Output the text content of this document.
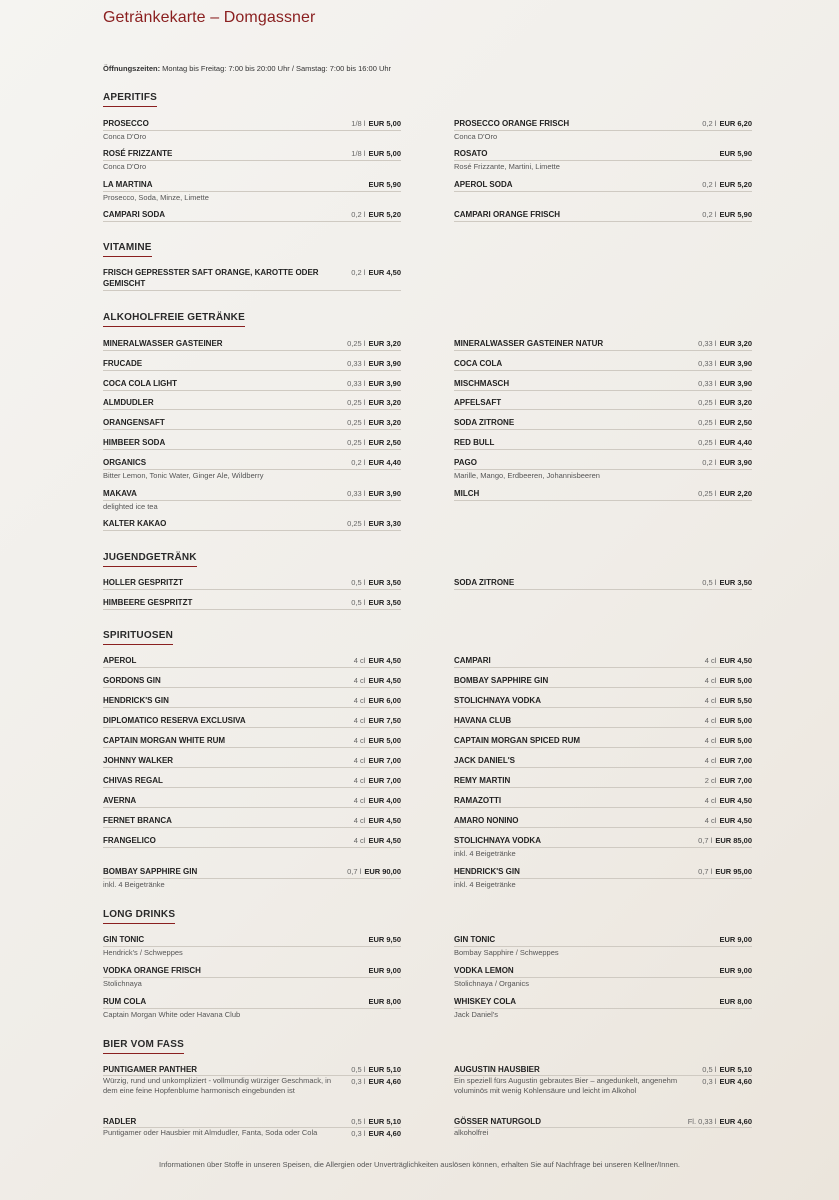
Getränkekarte – Domgassner
Öffnungszeiten: Montag bis Freitag: 7:00 bis 20:00 Uhr / Samstag: 7:00 bis 16:00 Uhr
APERITIFS
VITAMINE
ALKOHOLFREIE GETRÄNKE
JUGENDGETRÄNK
SPIRITUOSEN
LONG DRINKS
BIER VOM FASS
PROSECCO	1/8 l EUR 5,00
Conca D'Oro
PROSECCO ORANGE FRISCH	0,2 l EUR 6,20
Conca D'Oro
ROSÉ FRIZZANTE	1/8 l EUR 5,00
Conca D'Oro
ROSATO	EUR 5,90
Rosé Frizzante, Martini, Limette
LA MARTINA	EUR 5,90
Prosecco, Soda, Minze, Limette
APEROL SODA	0,2 l EUR 5,20
CAMPARI SODA	0,2 l EUR 5,20	CAMPARI ORANGE FRISCH	0,2 l EUR 5,90
FRISCH GEPRESSTER SAFT ORANGE, KAROTTE ODER GEMISCHT
0,2 l EUR 4,50
MINERALWASSER GASTEINER	0,25 l EUR 3,20	MINERALWASSER GASTEINER NATUR	0,33 l EUR 3,20
FRUCADE	0,33 l EUR 3,90	COCA COLA	0,33 l EUR 3,90
COCA COLA LIGHT	0,33 l EUR 3,90	MISCHMASCH	0,33 l EUR 3,90
ALMDUDLER	0,25 l EUR 3,20	APFELSAFT	0,25 l EUR 3,20
ORANGENSAFT	0,25 l EUR 3,20	SODA ZITRONE	0,25 l EUR 2,50
HIMBEER SODA	0,25 l EUR 2,50	RED BULL	0,25 l EUR 4,40
ORGANICS	0,2 l EUR 4,40
Bitter Lemon, Tonic Water, Ginger Ale, Wildberry
PAGO	0,2 l EUR 3,90
Marille, Mango, Erdbeeren, Johannisbeeren
MAKAVA	0,33 l EUR 3,90
delighted ice tea
MILCH	0,25 l EUR 2,20
KALTER KAKAO	0,25 l EUR 3,30
HOLLER GESPRITZT	0,5 l EUR 3,50	SODA ZITRONE	0,5 l EUR 3,50
HIMBEERE GESPRITZT	0,5 l EUR 3,50
APEROL	4 cl EUR 4,50	CAMPARI	4 cl EUR 4,50
GORDONS GIN	4 cl EUR 4,50	BOMBAY SAPPHIRE GIN	4 cl EUR 5,00
HENDRICK'S GIN	4 cl EUR 6,00	STOLICHNAYA VODKA	4 cl EUR 5,50
DIPLOMATICO RESERVA EXCLUSIVA	4 cl EUR 7,50	HAVANA CLUB	4 cl EUR 5,00
CAPTAIN MORGAN WHITE RUM	4 cl EUR 5,00	CAPTAIN MORGAN SPICED RUM	4 cl EUR 5,00
JOHNNY WALKER	4 cl EUR 7,00	JACK DANIEL'S	4 cl EUR 7,00
CHIVAS REGAL	4 cl EUR 7,00	REMY MARTIN	2 cl EUR 7,00
AVERNA	4 cl EUR 4,00	RAMAZOTTI	4 cl EUR 4,50
FERNET BRANCA	4 cl EUR 4,50	AMARO NONINO	4 cl EUR 4,50
FRANGELICO	4 cl EUR 4,50	STOLICHNAYA VODKA	0,7 l EUR 85,00
inkl. 4 Beigetränke
BOMBAY SAPPHIRE GIN	0,7 l EUR 90,00
inkl. 4 Beigetränke
HENDRICK'S GIN	0,7 l EUR 95,00
inkl. 4 Beigetränke
GIN TONIC	EUR 9,50
Hendrick's / Schweppes
GIN TONIC	EUR 9,00
Bombay Sapphire / Schweppes
VODKA ORANGE FRISCH	EUR 9,00
Stolichnaya
VODKA LEMON	EUR 9,00
Stolichnaya / Organics
RUM COLA	EUR 8,00
Captain Morgan White oder Havana Club
WHISKEY COLA	EUR 8,00
Jack Daniel's
PUNTIGAMER PANTHER	0,5 l EUR 5,10
Würzig, rund und unkompliziert - vollmundig würziger Geschmack, in dem eine feine Hopfenblume harmonisch eingebunden ist
0,3 l EUR 4,60
AUGUSTIN HAUSBIER	0,5 l EUR 5,10
Ein speziell fürs Augustin gebrautes Bier – angedunkelt, angenehm voluminös mit wenig Kohlensäure und leicht im Alkohol
0,3 l EUR 4,60
RADLER	0,5 l EUR 5,10
Puntigamer oder Hausbier mit Almdudler, Fanta, Soda oder Cola	0,3 l EUR 4,60
GÖSSER NATURGOLD	Fl. 0,33 l EUR 4,60
alkoholfrei
Informationen über Stoffe in unseren Speisen, die Allergien oder Unverträglichkeiten auslösen können, erhalten Sie auf Nachfrage bei unseren Kellner/Innen.
